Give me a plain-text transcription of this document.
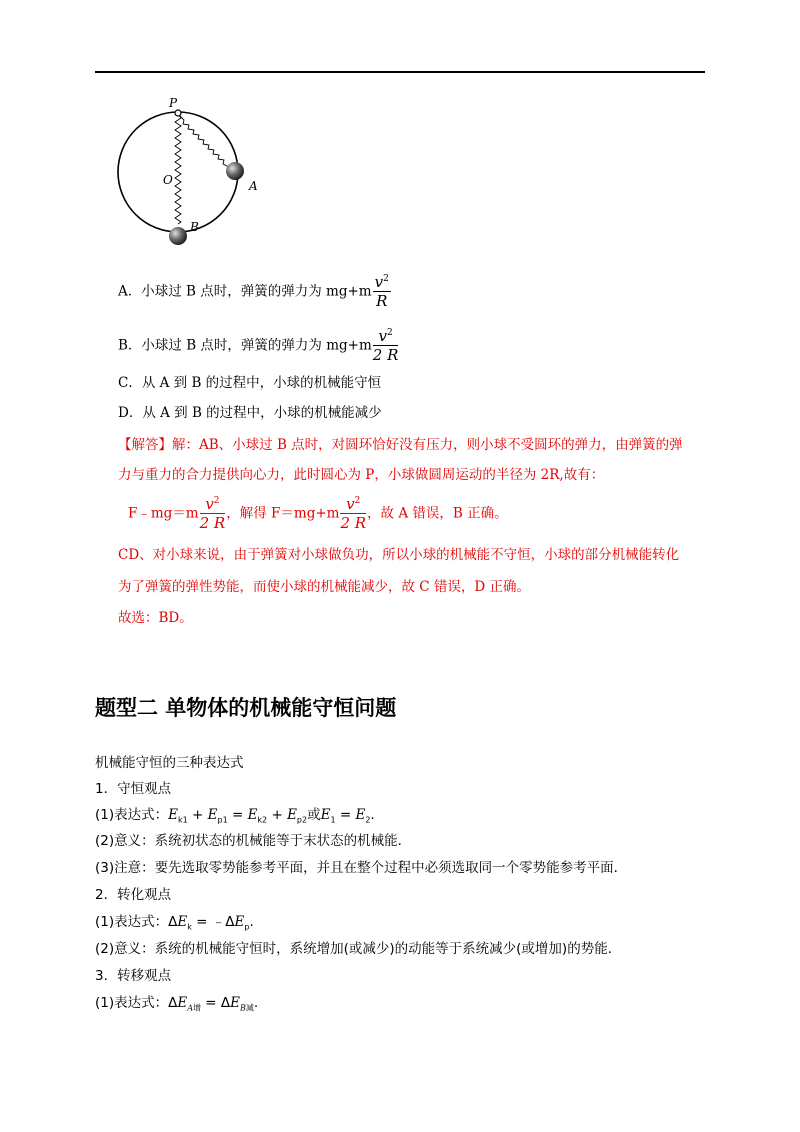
P
O	A
B
A．小球过 B 点时，弹簧的弹力为 $mg+m \frac{v^2}{R}$
B．小球过 B 点时，弹簧的弹力为 $mg+m \frac{v^2}{2 R}$
C．从 A 到 B 的过程中，小球的机械能守恒
D．从 A 到 B 的过程中，小球的机械能减少
【解答】解：AB、小球过 B 点时，对圆环恰好没有压力，则小球不受圆环的弹力，由弹簧的弹
力与重力的合力提供向心力，此时圆心为 P，小球做圆周运动的半径为 2R,故有：
F﹣mg＝m $\frac{v^2}{2 R}$ ，解得 $F=mg+m \frac{v^2}{2 R}$ ，故 A 错误，B 正确。
CD、对小球来说，由于弹簧对小球做负功，所以小球的机械能不守恒，小球的部分机械能转化
为了弹簧的弹性势能，而使小球的机械能减少，故 C 错误，D 正确。
故选：BD。
题型二 单物体的机械能守恒问题
机械能守恒的三种表达式
1．守恒观点
(1)表达式：$E_{k1} + E_{p1} = E_{k2} + E_{p2}$或$E_1 = E_2$.
(2)意义：系统初状态的机械能等于末状态的机械能．
(3)注意：要先选取零势能参考平面，并且在整个过程中必须选取同一个零势能参考平面．
2．转化观点
(1)表达式：$\Delta E_k$ = $﹣\Delta E_p$.
(2)意义：系统的机械能守恒时，系统增加(或减少)的动能等于系统减少(或增加)的势能．
3．转移观点
(1)表达式：$\Delta E_{A增} = \Delta E_{B减}$.
